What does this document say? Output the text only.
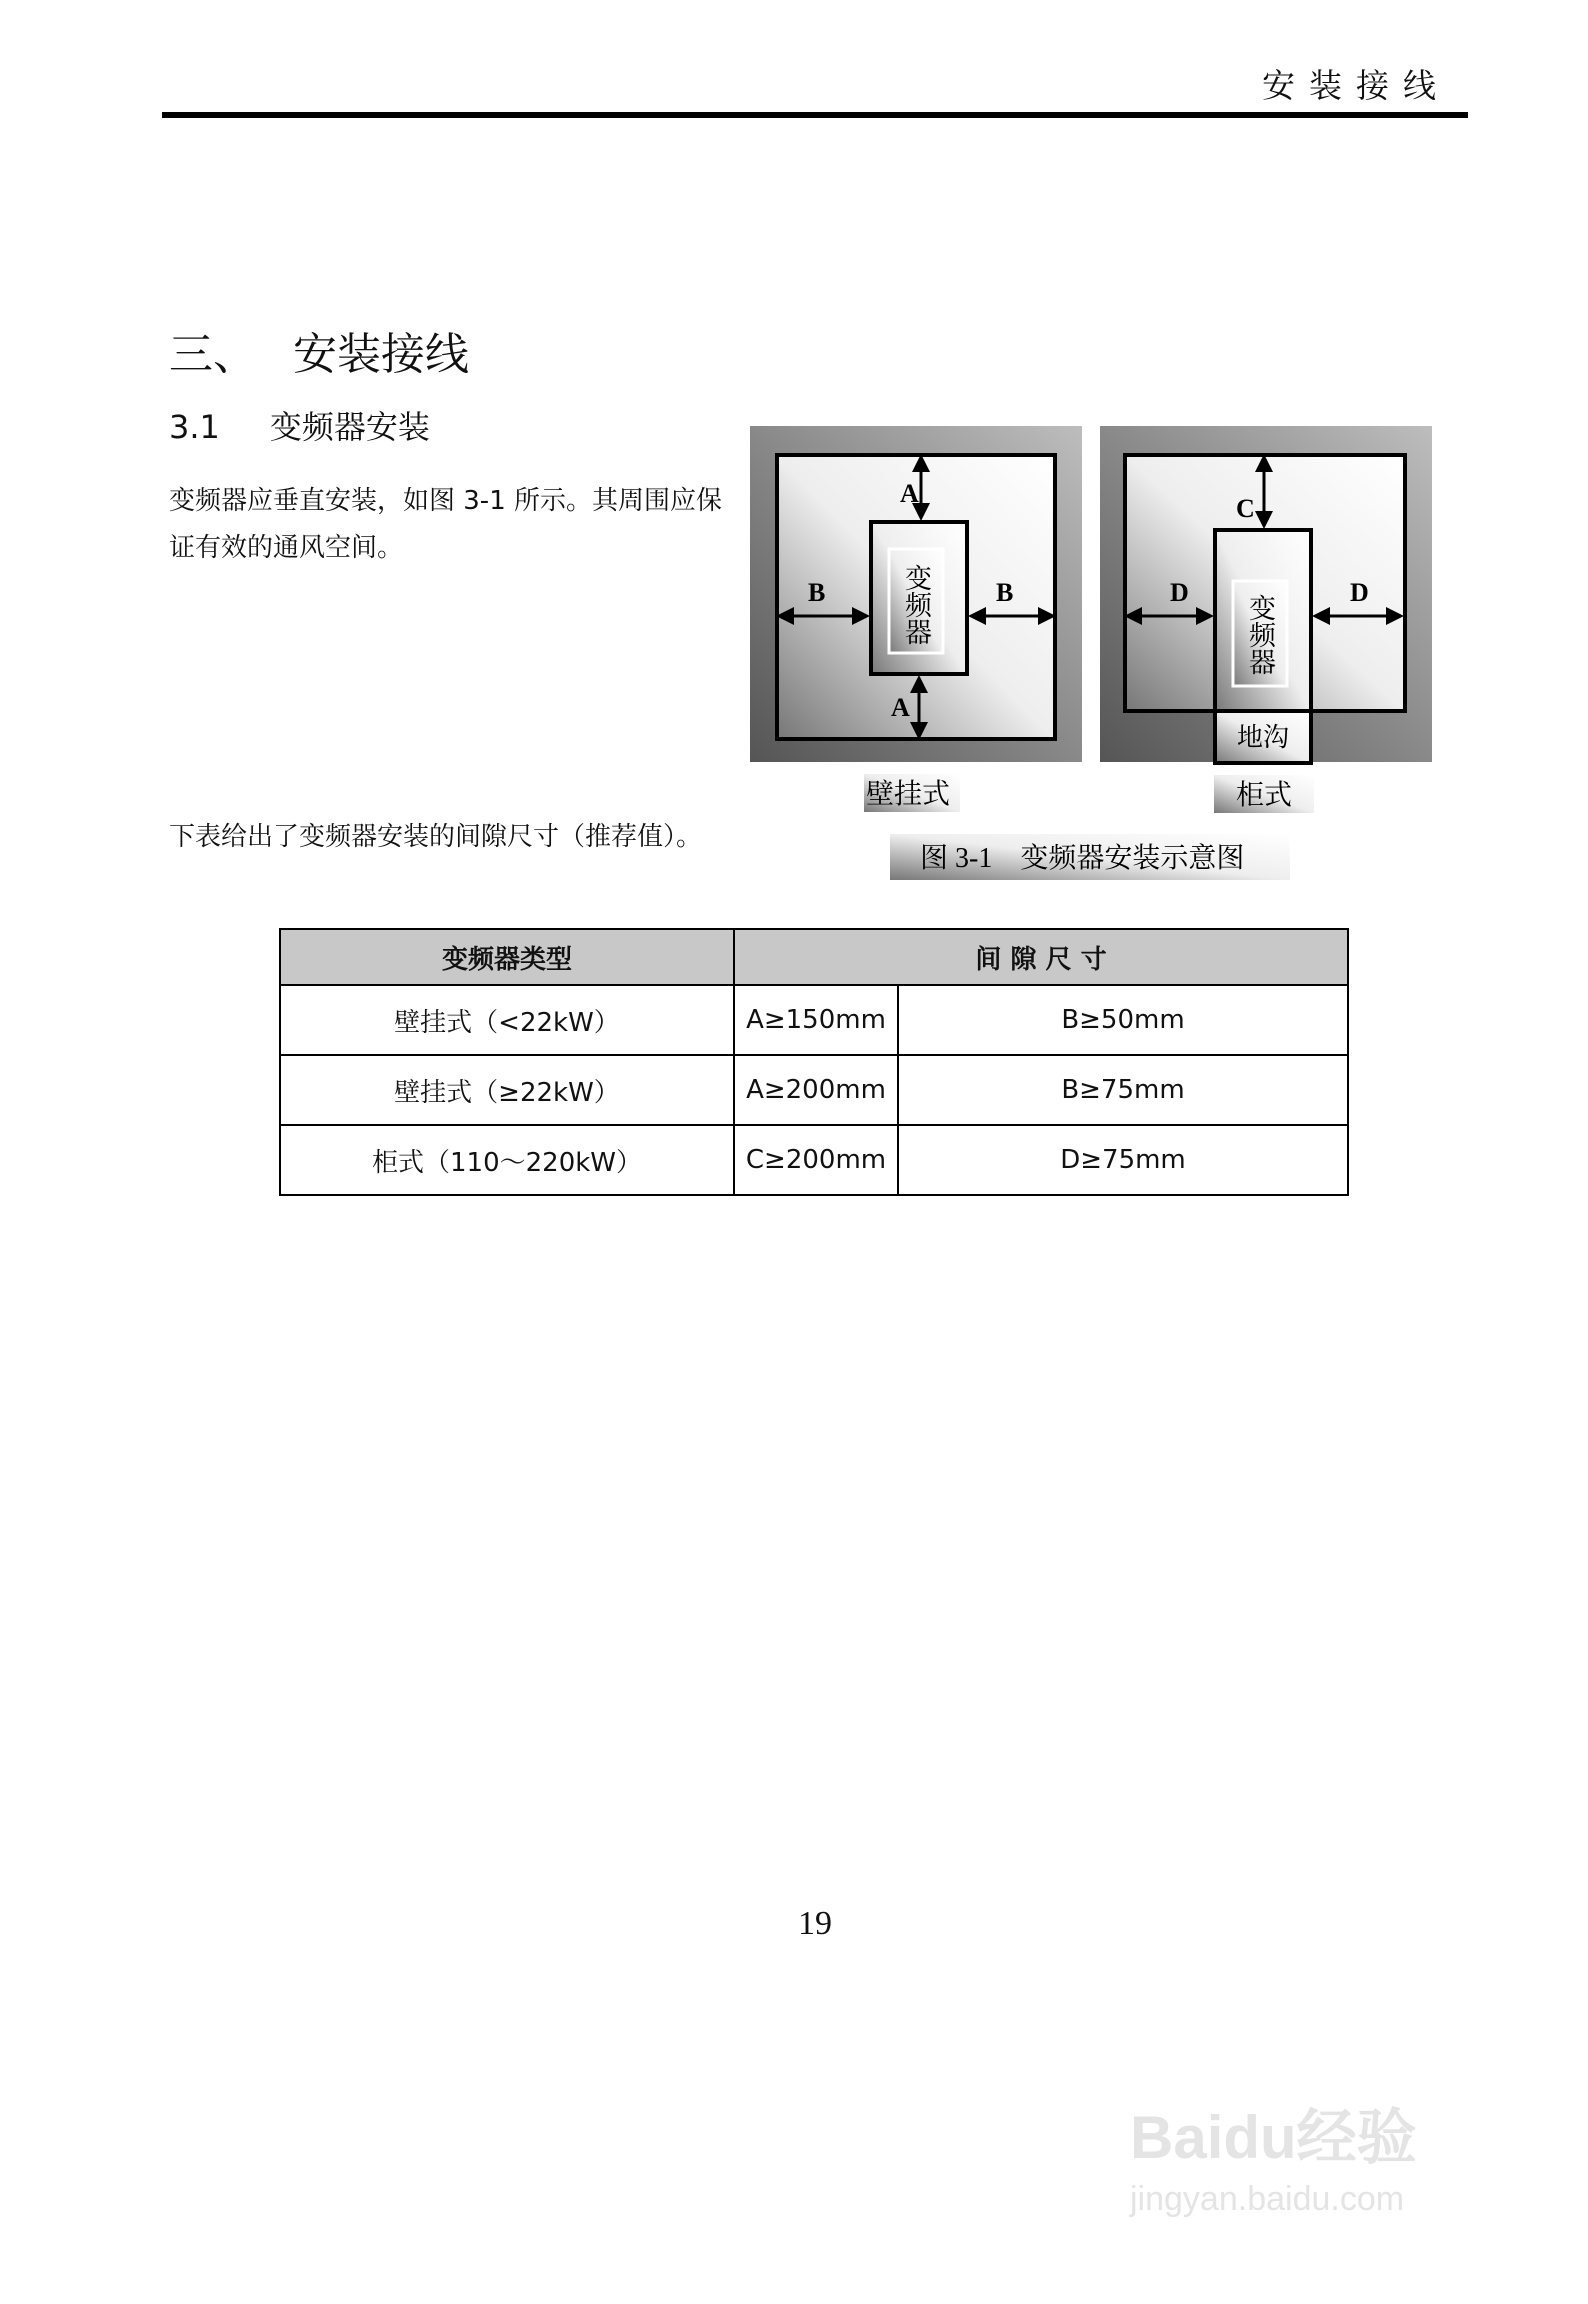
安装接线
三、 安装接线
3.1 变频器安装
变频器应垂直安装，如图 3-1 所示。其周围应保证有效的通风空间。
下表给出了变频器安装的间隙尺寸（推荐值）。
A
A
B	B
变频器
C
D	D
变频器
地沟
壁挂式	柜式
图 3-1　变频器安装示意图
变频器类型	间 隙 尺 寸	
壁挂式（<22kW）	A≥150mm	B≥50mm
壁挂式（≥22kW）	A≥200mm	B≥75mm
柜式（110～220kW）	C≥200mm	D≥75mm
19
Baidu经验
jingyan.baidu.com
